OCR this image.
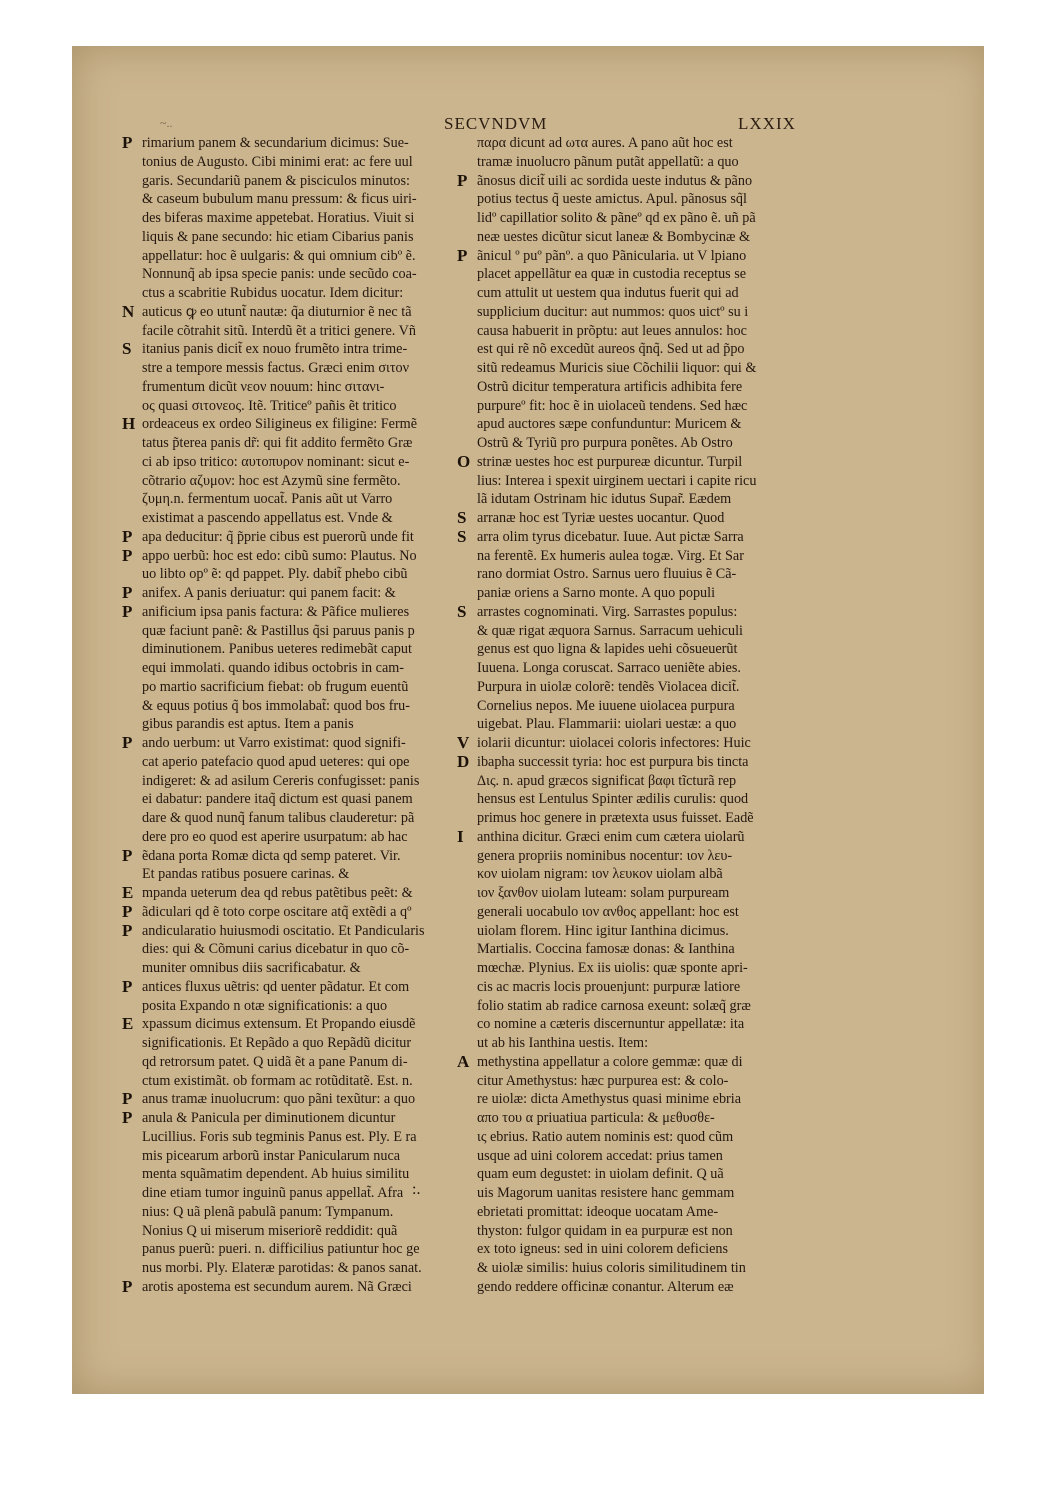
SECVNDVM	LXXIX
~..
P rimarium panem & secundarium dicimus: Sue-
tonius de Augusto. Cibi minimi erat: ac fere uul
garis. Secundariũ panem & pisciculos minutos:
& caseum bubulum manu pressum: & ficus uiri-
des biferas maxime appetebat. Horatius. Viuit si
liquis & pane secundo: hic etiam Cibarius panis
appellatur: hoc ẽ uulgaris: & qui omnium cibº ẽ.
Nonnunq̃ ab ipsa specie panis: unde secũdo coa-
ctus a scabritie Rubidus uocatur. Idem dicitur:
N auticus ꝙ eo utunt̃ nautæ: q̃a diuturnior ẽ nec tã
facile cõtrahit sitũ. Interdũ ẽt a tritici genere. Vñ
S itanius panis dicit̃ ex nouo frumẽto intra trime-
stre a tempore messis factus. Græci enim σιτον
frumentum dicũt νεον nouum: hinc σιτανι-
ος quasi σιτονεος. Itẽ. Triticeº pañis ẽt tritico
H ordeaceus ex ordeo Siligineus ex filigine: Fermẽ
tatus p̃terea panis dr̃: qui fit addito fermẽto Græ
ci ab ipso tritico: αυτοπυρον nominant: sicut e-
cõtrario αζυμον: hoc est Azymũ sine fermẽto.
ζυμη.n. fermentum uocat̃. Panis aũt ut Varro
existimat a pascendo appellatus est. Vnde &
P apa deducitur: q̃ p̃prie cibus est puerorũ unde fit
P appo uerbũ: hoc est edo: cibũ sumo: Plautus. No
uo libto opº ẽ: qd pappet. Ply. dabit̃ phebo cibũ
P anifex. A panis deriuatur: qui panem facit: &
P anificium ipsa panis factura: & Pãfice mulieres
quæ faciunt panẽ: & Pastillus q̃si paruus panis p
diminutionem. Panibus ueteres redimebãt caput
equi immolati. quando idibus octobris in cam-
po martio sacrificium fiebat: ob frugum euentũ
& equus potius q̃ bos immolabat̃: quod bos fru-
gibus parandis est aptus. Item a panis
P ando uerbum: ut Varro existimat: quod signifi-
cat aperio patefacio quod apud ueteres: qui ope
indigeret: & ad asilum Cereris confugisset: panis
ei dabatur: pandere itaq̃ dictum est quasi panem
dare & quod nunq̃ fanum talibus clauderetur: pã
dere pro eo quod est aperire usurpatum: ab hac
P ẽdana porta Romæ dicta qd semp pateret. Vir.
Et pandas ratibus posuere carinas. &
E mpanda ueterum dea qd rebus patẽtibus peẽt: &
P ãdiculari qd ẽ toto corpe oscitare atq̃ extẽdi a qº
P andicularatio huiusmodi oscitatio. Et Pandicularis
dies: qui & Cõmuni carius dicebatur in quo cõ-
muniter omnibus diis sacrificabatur. &
P antices fluxus uẽtris: qd uenter pãdatur. Et com
posita Expando n otæ significationis: a quo
E xpassum dicimus extensum. Et Propando eiusdẽ
significationis. Et Repãdo a quo Repãdũ dicitur
qd retrorsum patet. Q uidã ẽt a pane Panum di-
ctum existimãt. ob formam ac rotũditatẽ. Est. n.
P anus tramæ inuolucrum: quo pãni texũtur: a quo
P anula & Panicula per diminutionem dicuntur
Lucillius. Foris sub tegminis Panus est. Ply. E ra
mis picearum arborũ instar Panicularum nuca
menta squãmatim dependent. Ab huius similitu
dine etiam tumor inguinũ panus appellat̃. Afra
nius: Q uã plenã pabulã panum: Tympanum.
Nonius Q ui miserum miseriorẽ reddidit: quã
panus puerũ: pueri. n. difficilius patiuntur hoc ge
nus morbi. Ply. Elateræ parotidas: & panos sanat.
P arotis apostema est secundum aurem. Nã Græci
παρα dicunt ad ωτα aures. A pano aũt hoc est
tramæ inuolucro pãnum putãt appellatũ: a quo
P ãnosus dicit̃ uili ac sordida ueste indutus & pãno
potius tectus q̃ ueste amictus. Apul. pãnosus sq̃l
lidº capillatior solito & pãneº qd ex pãno ẽ. uñ pã
neæ uestes dicũtur sicut laneæ & Bombycinæ &
P ãnicul º puº pãnº. a quo Pãnicularia. ut V lpiano
placet appellãtur ea quæ in custodia receptus se
cum attulit ut uestem qua indutus fuerit qui ad
supplicium ducitur: aut nummos: quos uictº su i
causa habuerit in prõptu: aut leues annulos: hoc
est qui rẽ nõ excedũt aureos q̃nq̃. Sed ut ad p̃po
sitũ redeamus Muricis siue Cõchilii liquor: qui &
Ostrũ dicitur temperatura artificis adhibita fere
purpureº fit: hoc ẽ in uiolaceũ tendens. Sed hæc
apud auctores sæpe confunduntur: Muricem &
Ostrũ & Tyriũ pro purpura ponẽtes. Ab Ostro
O strinæ uestes hoc est purpureæ dicuntur. Turpil
lius: Interea i spexit uirginem uectari i capite ricu
lã idutam Ostrinam hic idutus Supar̃. Eædem
S arranæ hoc est Tyriæ uestes uocantur. Quod
S arra olim tyrus dicebatur. Iuue. Aut pictæ Sarra
na ferentẽ. Ex humeris aulea togæ. Virg. Et Sar
rano dormiat Ostro. Sarnus uero fluuius ẽ Cã-
paniæ oriens a Sarno monte. A quo populi
S arrastes cognominati. Virg. Sarrastes populus:
& quæ rigat æquora Sarnus. Sarracum uehiculi
genus est quo ligna & lapides uehi cõsueuerũt
Iuuena. Longa coruscat. Sarraco ueniẽte abies.
Purpura in uiolæ colorẽ: tendẽs Violacea dicit̃.
Cornelius nepos. Me iuuene uiolacea purpura
uigebat. Plau. Flammarii: uiolari uestæ: a quo
V iolarii dicuntur: uiolacei coloris infectores: Huic
D ibapha successit tyria: hoc est purpura bis tincta
Δις. n. apud græcos significat βαφι tĩcturã rep
hensus est Lentulus Spinter ædilis curulis: quod
primus hoc genere in prætexta usus fuisset. Eadẽ
I anthina dicitur. Græci enim cum cætera uiolarũ
genera propriis nominibus nocentur: ιον λευ-
κον uiolam nigram: ιον λευκον uiolam albã
ιον ξανθον uiolam luteam: solam purpuream
generali uocabulo ιον ανθος appellant: hoc est
uiolam florem. Hinc igitur Ianthina dicimus.
Martialis. Coccina famosæ donas: & Ianthina
mœchæ. Plynius. Ex iis uiolis: quæ sponte apri-
cis ac macris locis prouenjunt: purpuræ latiore
folio statim ab radice carnosa exeunt: solæq̃ græ
co nomine a cæteris discernuntur appellatæ: ita
ut ab his Ianthina uestis. Item:
A methystina appellatur a colore gemmæ: quæ di
citur Amethystus: hæc purpurea est: & colo-
re uiolæ: dicta Amethystus quasi minime ebria
απο του α priuatiua particula: & μεθυσθε-
ις ebrius. Ratio autem nominis est: quod cũm
usque ad uini colorem accedat: prius tamen
quam eum degustet: in uiolam definit. Q uã
uis Magorum uanitas resistere hanc gemmam
ebrietati promittat: ideoque uocatam Ame-
thyston: fulgor quidam in ea purpuræ est non
ex toto igneus: sed in uini colorem deficiens
& uiolæ similis: huius coloris similitudinem tin
gendo reddere officinæ conantur. Alterum eæ
:.
